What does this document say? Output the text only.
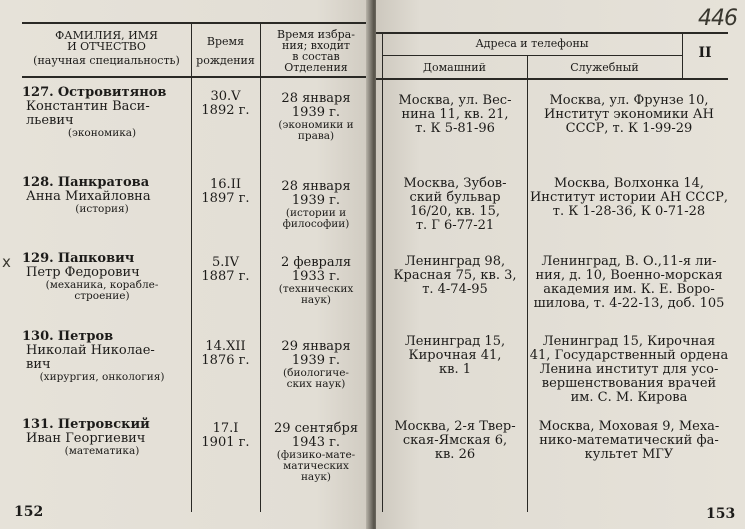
ФАМИЛИЯ, ИМЯ
И ОТЧЕСТВО
(научная специальность)
Время
рождения
Время избра-
ния; входит
в состав
Отделения
127. Островитянов
Константин Васи-
льевич
(экономика)
30.V
1892 г.
28 января
1939 г.
(экономики и
права)
128. Панкратова
Анна Михайловна
(история)
16.II
1897 г.
28 января
1939 г.
(истории и
философии)
х 129. Папкович
Петр Федорович
(механика, корабле-
строение)
5.IV
1887 г.
2 февраля
1933 г.
(технических
наук)
130. Петров
Николай Николае-
вич
(хирургия, онкология)
14.XII
1876 г.
29 января
1939 г.
(биологиче-
ских наук)
131. Петровский
Иван Георгиевич
(математика)
17.I
1901 г.
29 сентября
1943 г.
(физико-мате-
матических
наук)
152
446
Адреса и телефоны
Домашний	Служебный
II
Москва, ул. Вес-
нина 11, кв. 21,
т. К 5-81-96
Москва, ул. Фрунзе 10,
Институт экономики АН
СССР, т. К 1-99-29
Москва, Зубов-
ский бульвар
16/20, кв. 15,
т. Г 6-77-21
Москва, Волхонка 14,
Институт истории АН СССР,
т. К 1-28-36, К 0-71-28
Ленинград 98,
Красная 75, кв. 3,
т. 4-74-95
Ленинград, В. О.,11-я ли-
ния, д. 10, Военно-морская
академия им. К. Е. Воро-
шилова, т. 4-22-13, доб. 105
Ленинград 15,
Кирочная 41,
кв. 1
Ленинград 15, Кирочная
41, Государственный ордена
Ленина институт для усо-
вершенствования врачей
им. С. М. Кирова
Москва, 2-я Твер-
ская-Ямская 6,
кв. 26
Москва, Моховая 9, Меха-
нико-математический фа-
культет МГУ
153
